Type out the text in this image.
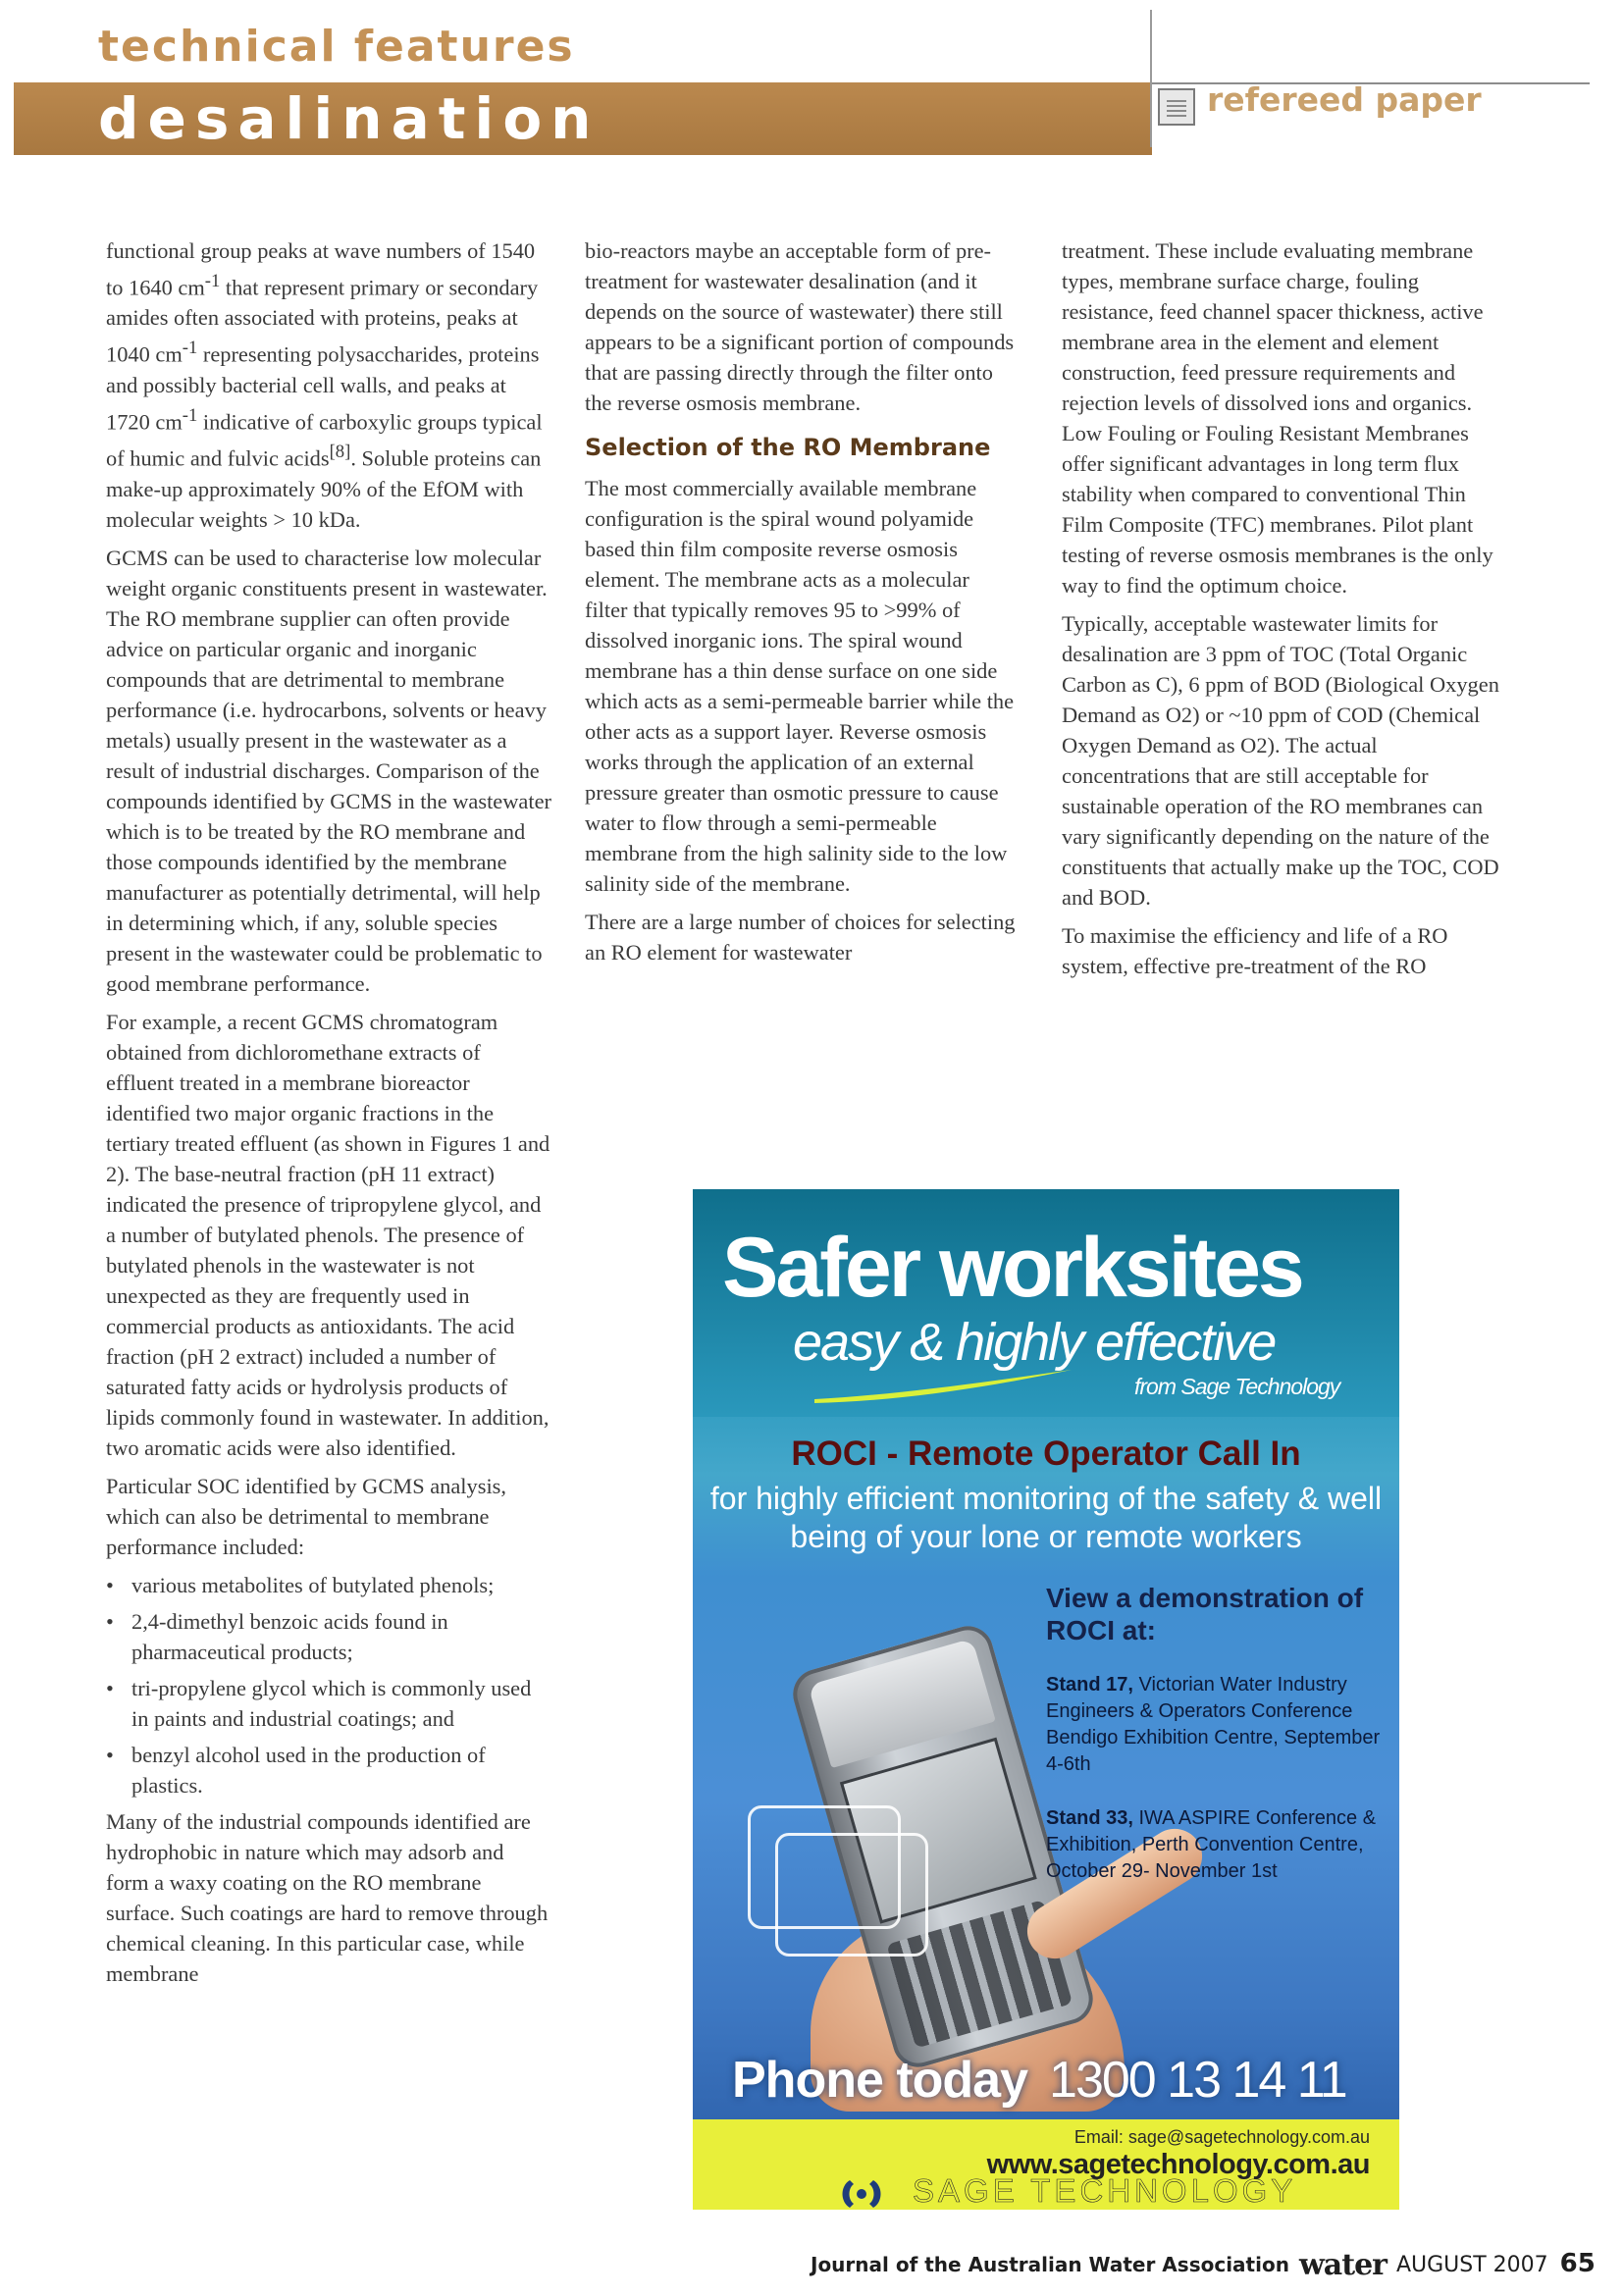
technical features
desalination	refereed paper

functional group peaks at wave numbers of 1540 to 1640 $cm^{-1}$ that represent primary or secondary amides often associated with proteins, peaks at 1040 $cm^{-1}$ representing polysaccharides, proteins and possibly bacterial cell walls, and peaks at 1720 $cm^{-1}$ indicative of carboxylic groups typical of humic and fulvic acids[8]. Soluble proteins can make-up approximately 90% of the EfOM with molecular weights > 10 kDa.

GCMS can be used to characterise low molecular weight organic constituents present in wastewater. The RO membrane supplier can often provide advice on particular organic and inorganic compounds that are detrimental to membrane performance (i.e. hydrocarbons, solvents or heavy metals) usually present in the wastewater as a result of industrial discharges. Comparison of the compounds identified by GCMS in the wastewater which is to be treated by the RO membrane and those compounds identified by the membrane manufacturer as potentially detrimental, will help in determining which, if any, soluble species present in the wastewater could be problematic to good membrane performance.

For example, a recent GCMS chromatogram obtained from dichloromethane extracts of effluent treated in a membrane bioreactor identified two major organic fractions in the tertiary treated effluent (as shown in Figures 1 and 2). The base-neutral fraction (pH 11 extract) indicated the presence of tripropylene glycol, and a number of butylated phenols. The presence of butylated phenols in the wastewater is not unexpected as they are frequently used in commercial products as antioxidants. The acid fraction (pH 2 extract) included a number of saturated fatty acids or hydrolysis products of lipids commonly found in wastewater. In addition, two aromatic acids were also identified.

Particular SOC identified by GCMS analysis, which can also be detrimental to membrane performance included:

• various metabolites of butylated phenols;
• 2,4-dimethyl benzoic acids found in pharmaceutical products;
• tri-propylene glycol which is commonly used in paints and industrial coatings; and
• benzyl alcohol used in the production of plastics.

Many of the industrial compounds identified are hydrophobic in nature which may adsorb and form a waxy coating on the RO membrane surface. Such coatings are hard to remove through chemical cleaning. In this particular case, while membrane

bio-reactors maybe an acceptable form of pre-treatment for wastewater desalination (and it depends on the source of wastewater) there still appears to be a significant portion of compounds that are passing directly through the filter onto the reverse osmosis membrane.

Selection of the RO Membrane

The most commercially available membrane configuration is the spiral wound polyamide based thin film composite reverse osmosis element. The membrane acts as a molecular filter that typically removes 95 to >99% of dissolved inorganic ions. The spiral wound membrane has a thin dense surface on one side which acts as a semi-permeable barrier while the other acts as a support layer. Reverse osmosis works through the application of an external pressure greater than osmotic pressure to cause water to flow through a semi-permeable membrane from the high salinity side to the low salinity side of the membrane.

There are a large number of choices for selecting an RO element for wastewater

treatment. These include evaluating membrane types, membrane surface charge, fouling resistance, feed channel spacer thickness, active membrane area in the element and element construction, feed pressure requirements and rejection levels of dissolved ions and organics. Low Fouling or Fouling Resistant Membranes offer significant advantages in long term flux stability when compared to conventional Thin Film Composite (TFC) membranes. Pilot plant testing of reverse osmosis membranes is the only way to find the optimum choice.

Typically, acceptable wastewater limits for desalination are 3 ppm of TOC (Total Organic Carbon as C), 6 ppm of BOD (Biological Oxygen Demand as O2) or ~10 ppm of COD (Chemical Oxygen Demand as O2). The actual concentrations that are still acceptable for sustainable operation of the RO membranes can vary significantly depending on the nature of the constituents that actually make up the TOC, COD and BOD.

To maximise the efficiency and life of a RO system, effective pre-treatment of the RO

Safer worksites
easy & highly effective
from Sage Technology
ROCI - Remote Operator Call In
for highly efficient monitoring of the safety & well being of your lone or remote workers
View a demonstration of ROCI at:
Stand 17, Victorian Water Industry Engineers & Operators Conference Bendigo Exhibition Centre, September 4-6th
Stand 33, IWA ASPIRE Conference & Exhibition, Perth Convention Centre, October 29- November 1st
Phone today 1300 13 14 11
Email: sage@sagetechnology.com.au
www.sagetechnology.com.au
SAGE TECHNOLOGY
Journal of the Australian Water Association water AUGUST 2007 65
